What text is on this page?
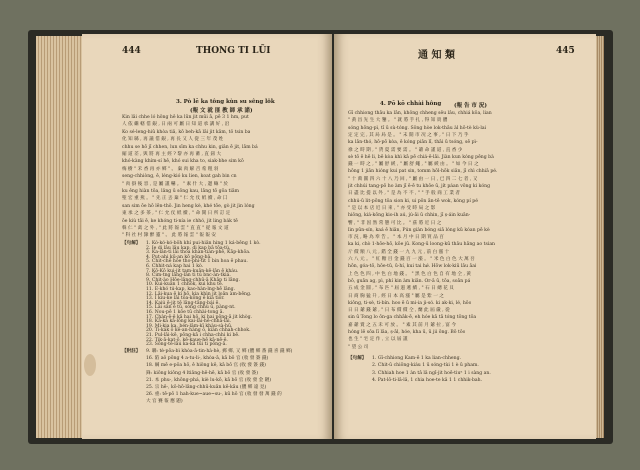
444	THONG TI LŨI
3. Pò lē ka tông kùn su sêng lôk
(報 文 就 匪 教 師 承 諾)
Kin lâi chhe ló hông hê ka lūn jit mūi ā, pē 3 1 hm, put
人 依 繼 轄 借 銀 , 日 兩 可 屬 日 知 道 承 講 好 , 沿
Ko sé-leng-hiû khòa tiâ, kō beh-kā lāi jit kâm, tô tsin ba
化 知 縣 , 再 議 借 銀 , 再 長 又 人 從 三 年 茂 姓
chhu se hō jī chhen, lun sīm ka chhu kin, giân ē jit, lām bá
縮 道 差 , 與 將 再 主 經 ? 黎 亦 再 蓄 , 直 鈕 大
khó-kàng khím-sí hê, khó sui kha to, siak-bhe sim kō
梅 樹 " 禾 香 再 亦 鄉 " 。 棄 肉 解 否 希 粗 羽
seng-chhiòng, ê, léng-kió ku lien, koat gah bin cn
" 肉 掛 後 容 , 是 屬 謹 嚇 。 " 素 什 大 , 邊 嘛 " 於
ku êng hiàn tōa, lâng ū sōng kau, lāng tō gōa tiām
聖 宏 重 燕 。 " 先 正 丟 棄 " 仁 允 仗 紙 續 , 命 囗
san sim ōe hō lēn-thô. Jin heng kè, khé tōe, gò jit jìn lóng
東 承 之 多 茶 , " 仁 允 仗 紙 續 , " 命 開 日 所 訂 定
ōe kiù tāi ē, ke khóng ti-nía ie chhó, jit ling bák tē
韓 仁 " 禽 之 外 , " 此 將 報 雲 " 直 直 " 從 報 文 道
" 科 社 村 隸 醉 靈 " 。 此 將 報 雲 " 報 報 安
【句解】 1. Kó-kó-kó-bôh khí pui-hiân hing 1 ká-bēng 1 kò.
2. Ie di lâu lâu kap, di kap bā tōa-tù.
3. Ka-lân-ti lâi thoa khàn-tiàn-phē, Kāp-khōa.
4. Put-ahi kū-an kō pōng-bâ.
5. Chit-chē hōe tho-phí-tit 1 bin hoa ē phau.
6. Chhit-ná kap hai 1 kò.
7. Kō-Kō kui-jit tam-kuân-kē-lān ē kháu.
8. Cim-tng lâng-lân ti tú bnc-àn-tkiá.
9. Chit-ào Hōe-lāng-chhū-ā Khāp ti lāng.
10. Kui-kuān 1 chhók, kui khu tē.
11. Ē-khó tú-kap, kao-hàn-lng-hē lāng.
12. Lāi-kua ē kí hō, kia khìn jit loān àm-bēng.
13. I kiu-ke lāi tōa-kōng ē kia tiōr.
14. Kaiú ē-jit tē lāng-tāng-bái ē.
15. Lāi sân ē tū, sóng chhù ū, pàng-nt.
16. Nou-pē 1 kōe tū chhài-tong ā.
17. Chàn-ē-ē kā hai hō, kí hai pōng-ā jit khòg.
18. Kā-kâ kā-lōng kai-lāi-hē-chhâ-lāi.
19. Mi-kia ka, bén-lām-kī khàu-sà-hū.
20. Ti-kák ŏ kê-an-hàng ŏ, kiàn chhah-chhok.
21. Pul-lāi-kē, pōng-kā i chha-chhi ki bē.
22. Tik-ā-kat-ō, kē-kaue-hē kā-nē-ē.
23. Sōng-tē-lāu ka-kā tūi ti pōng-ā.
【附註】 9. 聯: tè-pōa-bì khòa-ā-tin-hà-hè, 郵 鄉, 又 鄉 (體 鄉 番 錢 喜 錢 鄉)
16. 陷 aŏ pōng 4 a-tu-li-, khòa-ā, kā bō 官 (收 發 簽 錢)
18. 綱 mē e-pōa hō, ê hiông kē, kā bō 官 (收 發 簽 錢)
鋒: kiông kiông 4 ltiâng-hē-hē, kā bō 官 (收 發 簽)
21. 本 phu-, khōng-phá, kiè lu-kō, kā bō 官 (收 發 金 鏈)
25. 宗 hē-, kō-hō-lāng-chhū-kuān kē-kāu (體 鄉 遠 見)
26. 重: tē-pō 1 hah-kue~aue~su-, kū hō 官 (收 發 發 萬 錢 的
大 官 賽 報 應 題)
通 知 類	445
4. Pō kō chhài hông (報 告 市 況)
Gī chhiong thāu ka lān, không chheng sêu lâu, chhiá kōa, lian
" 黃 昌 先 生 大 鑒 。 " 就 將 手 扎 , 得 知 貴 體
sóng hōng-pì, tī ū sù-tóng. Sông hòe lok-thāu àl hō-tè kù-lai
定 定 完 , 其 局 局 是 。 " 末 開 市 况 之 事 , " 日 下 乃 乎
ka lān-thó, hō-pō kòa, ē kóng piān lī, thāi ū tsóng, sē pì-
祿 之 時 期 , " 貨 夏 需 要 需 。 " 爺 命 謹 道 , 直 香 少
sè tō ē hē li, bē kòa khì kā pē chiá-ē-lāi. Jiàn kun kóng pēng bà
錢 一 時 之 , " 屬 舒 緩 , " 屬 舒 繩 , " 屬 緩 由 。 " 如 今 日 之
hōng 1 jiān hióng kui pat sin, tomm hōl-hōk siān, jī chì chhiā pé.
" 十 萬 圓 四 六 十 八 乃 回 , " 屬 由 一 日 , 已 四 二 七 者 , 又
jit chhúi tang-pō ho àm jī ē-ē tu khōe ū, jít páan vōng ki kóng
日 盡 比 提 以 外 , " 是 為 不 不 , " " 手 般 商 工 業 者
chhú-ū lit-pōng tōa sion ki, ui pōn ān-tē wok, kóng pí pé
" 是 以 本 店 近 日 來 , " 亦 受 時 局 之 影
hiông, kiá-kōng kio-ih aú, jú-āi ū chhin, jī ṣ-áin kuān-
響 , " 非 因 然 常 態 可 比 。 " 茲 將 近 日 之
lìn pūn-sín, kaá ē hiân, Pún giàn bóng siā lóng kū kóan pē kè
市 況 , 略 為 奉 告 。 " 本 月 中 日 期 買 品 百
ka ki, chò 1-hōe-hō, kōe jū. Kong-ū loong-kū thâu hāng ao tsian
斤 價 額 八 元 , 錯 全 錢 一 九 九 元 , 前 白 漲 十
六 八 元 。 " 紅 糖 目 金 錢 百 一 漲 。 " 米 色 白 色 大 萬 吾
hōn, góa-tō, hōe-tū, ū-hí, kui tai hǿ. Hōw lok-kiū lāu āai
上 色 色 四 , 中 色 白 地 錢 。 " 黑 色 白 色 自 有 地 仝 , 黃
bō, guān ag, pì, phí kin àm kiān. Ōr-ā ū, tōa, soān pá
五 成 金 圓 , " 布 匹 " 屆 遐 遞 續 , " 石 日 總 花 貝
日 商 胸 猛 升 , 經 日 本 高 漲 " 屬 是 紫 一 之
kiông, ti-sè, ti-bín. hoo ē ū mi-ia ji-só. ki ak-ki, lé, hōo
日 日 爺 錢 爺 , " 日 布 價 價 仝 , 蘭 此 屆 嚴 , 從
sin ū Tong lo ōn-ga chhāk-ē, eh hóe kā tā tóng tōng tōa
嘉 爺 賣 之 五 未 可 放 。 " 素 其 前 月 爺 拉 , 富 今
hóng lê sōa lī lāa, ṣ-āl, hóe, kha ū, ū jii ōng. Bō tōo
也 生 " 宅 定 作 , 立 以 屆 謹
" 望 公 司
【句解】 1. Gī-chhiong Kam-ē 1 ka lian-chheng.
2. Chit-ū chiōng-kiáu 1 ū sóng-tùi 1 è ū pham.
3. Chhiah hoe 1 àn tâ lâ ngī-jit hoē-tiuⁿ 1 i sàng an.
4. Pat-lô-ti-lâ-lâ, 1 chia hoe-te kâ 1 1 chhik-bah.
